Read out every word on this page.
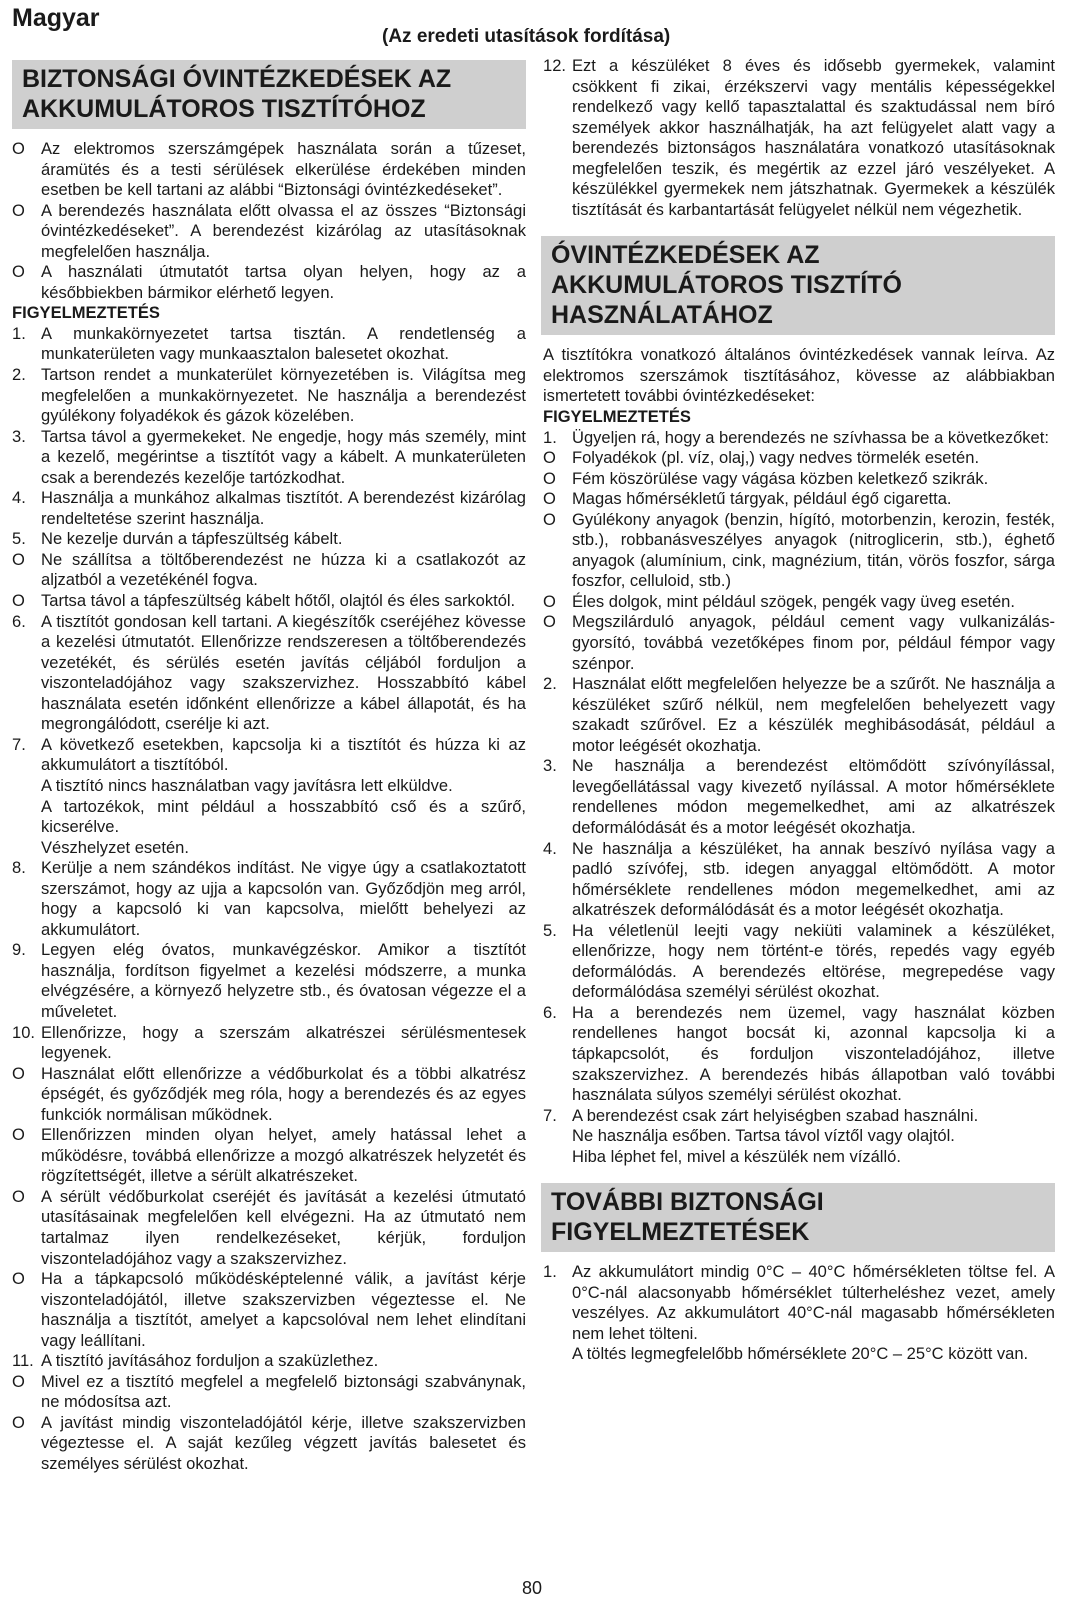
Magyar
(Az eredeti utasítások fordítása)
BIZTONSÁGI ÓVINTÉZKEDÉSEK AZ AKKUMULÁTOROS TISZTÍTÓHOZ
O Az elektromos szerszámgépek használata során a tűzeset, áramütés és a testi sérülések elkerülése érdekében minden esetben be kell tartani az alábbi “Biztonsági óvintézkedéseket”.
O A berendezés használata előtt olvassa el az összes “Biztonsági óvintézkedéseket”. A berendezést kizárólag az utasításoknak megfelelően használja.
O A használati útmutatót tartsa olyan helyen, hogy az a későbbiekben bármikor elérhető legyen.

FIGYELMEZTETÉS

1. A munkakörnyezetet tartsa tisztán. A rendetlenség a munkaterületen vagy munkaasztalon balesetet okozhat.
2. Tartson rendet a munkaterület környezetében is. Világítsa meg megfelelően a munkakörnyezetet. Ne használja a berendezést gyúlékony folyadékok és gázok közelében.
3. Tartsa távol a gyermekeket. Ne engedje, hogy más személy, mint a kezelő, megérintse a tisztítót vagy a kábelt. A munkaterületen csak a berendezés kezelője tartózkodhat.
4. Használja a munkához alkalmas tisztítót. A berendezést kizárólag rendeltetése szerint használja.
5. Ne kezelje durván a tápfeszültség kábelt.
O Ne szállítsa a töltőberendezést ne húzza ki a csatlakozót az aljzatból a vezetékénél fogva.
O Tartsa távol a tápfeszültség kábelt hőtől, olajtól és éles sarkoktól.
6. A tisztítót gondosan kell tartani. A kiegészítők cseréjéhez kövesse a kezelési útmutatót. Ellenőrizze rendszeresen a töltőberendezés vezetékét, és sérülés esetén javítás céljából forduljon a viszonteladójához vagy szakszervizhez. Hosszabbító kábel használata esetén időnként ellenőrizze a kábel állapotát, és ha megrongálódott, cserélje ki azt.
7. A következő esetekben, kapcsolja ki a tisztítót és húzza ki az akkumulátort a tisztítóból.
A tisztító nincs használatban vagy javításra lett elküldve.
A tartozékok, mint például a hosszabbító cső és a szűrő, kicserélve.
Vészhelyzet esetén.
8. Kerülje a nem szándékos indítást. Ne vigye úgy a csatlakoztatott szerszámot, hogy az ujja a kapcsolón van. Győződjön meg arról, hogy a kapcsoló ki van kapcsolva, mielőtt behelyezi az akkumulátort.
9. Legyen elég óvatos, munkavégzéskor. Amikor a tisztítót használja, fordítson figyelmet a kezelési módszerre, a munka elvégzésére, a környező helyzetre stb., és óvatosan végezze el a műveletet.
10. Ellenőrizze, hogy a szerszám alkatrészei sérülésmentesek legyenek.
O Használat előtt ellenőrizze a védőburkolat és a többi alkatrész épségét, és győződjék meg róla, hogy a berendezés és az egyes funkciók normálisan működnek.
O Ellenőrizzen minden olyan helyet, amely hatással lehet a működésre, továbbá ellenőrizze a mozgó alkatrészek helyzetét és rögzítettségét, illetve a sérült alkatrészeket.
O A sérült védőburkolat cseréjét és javítását a kezelési útmutató utasításainak megfelelően kell elvégezni. Ha az útmutató nem tartalmaz ilyen rendelkezéseket, kérjük, forduljon viszonteladójához vagy a szakszervizhez.
O Ha a tápkapcsoló működésképtelenné válik, a javítást kérje viszonteladójától, illetve szakszervizben végeztesse el. Ne használja a tisztítót, amelyet a kapcsolóval nem lehet elindítani vagy leállítani.
11. A tisztító javításához forduljon a szaküzlethez.
O Mivel ez a tisztító megfelel a megfelelő biztonsági szabványnak, ne módosítsa azt.
O A javítást mindig viszonteladójától kérje, illetve szakszervizben végeztesse el. A saját kezűleg végzett javítás balesetet és személyes sérülést okozhat.
12. Ezt a készüléket 8 éves és idősebb gyermekek, valamint csökkent fi zikai, érzékszervi vagy mentális képességekkel rendelkező vagy kellő tapasztalattal és szaktudással nem bíró személyek akkor használhatják, ha azt felügyelet alatt vagy a berendezés biztonságos használatára vonatkozó utasításoknak megfelelően teszik, és megértik az ezzel járó veszélyeket. A készülékkel gyermekek nem játszhatnak. Gyermekek a készülék tisztítását és karbantartását felügyelet nélkül nem végezhetik.
ÓVINTÉZKEDÉSEK AZ AKKUMULÁTOROS TISZTÍTÓ HASZNÁLATÁHOZ

A tisztítókra vonatkozó általános óvintézkedések vannak leírva. Az elektromos szerszámok tisztításához, kövesse az alábbiakban ismertetett további óvintézkedéseket:

FIGYELMEZTETÉS

1. Ügyeljen rá, hogy a berendezés ne szívhassa be a következőket:
O Folyadékok (pl. víz, olaj,) vagy nedves törmelék esetén.
O Fém köszörülése vagy vágása közben keletkező szikrák.
O Magas hőmérsékletű tárgyak, például égő cigaretta.
O Gyúlékony anyagok (benzin, hígító, motorbenzin, kerozin, festék, stb.), robbanásveszélyes anyagok (nitroglicerin, stb.), éghető anyagok (alumínium, cink, magnézium, titán, vörös foszfor, sárga foszfor, celluloid, stb.)
O Éles dolgok, mint például szögek, pengék vagy üveg esetén.
O Megszilárduló anyagok, például cement vagy vulkanizálás-gyorsító, továbbá vezetőképes finom por, például fémpor vagy szénpor.
2. Használat előtt megfelelően helyezze be a szűrőt. Ne használja a készüléket szűrő nélkül, nem megfelelően behelyezett vagy szakadt szűrővel. Ez a készülék meghibásodását, például a motor leégését okozhatja.
3. Ne használja a berendezést eltömődött szívónyílással, levegőellátással vagy kivezető nyílással. A motor hőmérséklete rendellenes módon megemelkedhet, ami az alkatrészek deformálódását és a motor leégését okozhatja.
4. Ne használja a készüléket, ha annak beszívó nyílása vagy a padló szívófej, stb. idegen anyaggal eltömődött. A motor hőmérséklete rendellenes módon megemelkedhet, ami az alkatrészek deformálódását és a motor leégését okozhatja.
5. Ha véletlenül leejti vagy nekiüti valaminek a készüléket, ellenőrizze, hogy nem történt-e törés, repedés vagy egyéb deformálódás. A berendezés eltörése, megrepedése vagy deformálódása személyi sérülést okozhat.
6. Ha a berendezés nem üzemel, vagy használat közben rendellenes hangot bocsát ki, azonnal kapcsolja ki a tápkapcsolót, és forduljon viszonteladójához, illetve szakszervizhez. A berendezés hibás állapotban való további használata súlyos személyi sérülést okozhat.
7. A berendezést csak zárt helyiségben szabad használni.
Ne használja esőben. Tartsa távol víztől vagy olajtól.
Hiba léphet fel, mivel a készülék nem vízálló.
TOVÁBBI BIZTONSÁGI FIGYELMEZTETÉSEK
1. Az akkumulátort mindig 0°C – 40°C hőmérsékleten töltse fel. A 0°C-nál alacsonyabb hőmérséklet túlterheléshez vezet, amely veszélyes. Az akkumulátort 40°C-nál magasabb hőmérsékleten nem lehet tölteni.
A töltés legmegfelelőbb hőmérséklete 20°C – 25°C között van.
80
